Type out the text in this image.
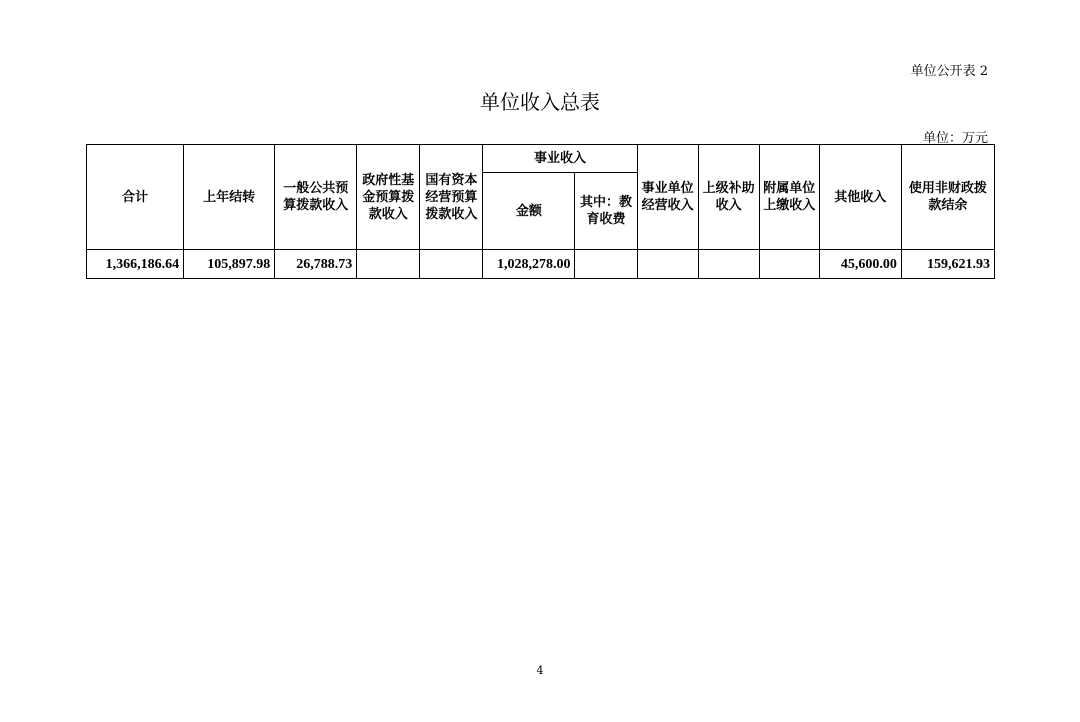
单位公开表 2
单位收入总表
单位：万元
合计	上年结转	一般公共预算拨款收入	政府性基金预算拨款收入	国有资本经营预算拨款收入	事业收入		事业单位经营收入	上级补助收入	附属单位上缴收入	其他收入	使用非财政拨款结余
					金额	其中：教育收费					
1,366,186.64	105,897.98	26,788.73			1,028,278.00					45,600.00	159,621.93
4
